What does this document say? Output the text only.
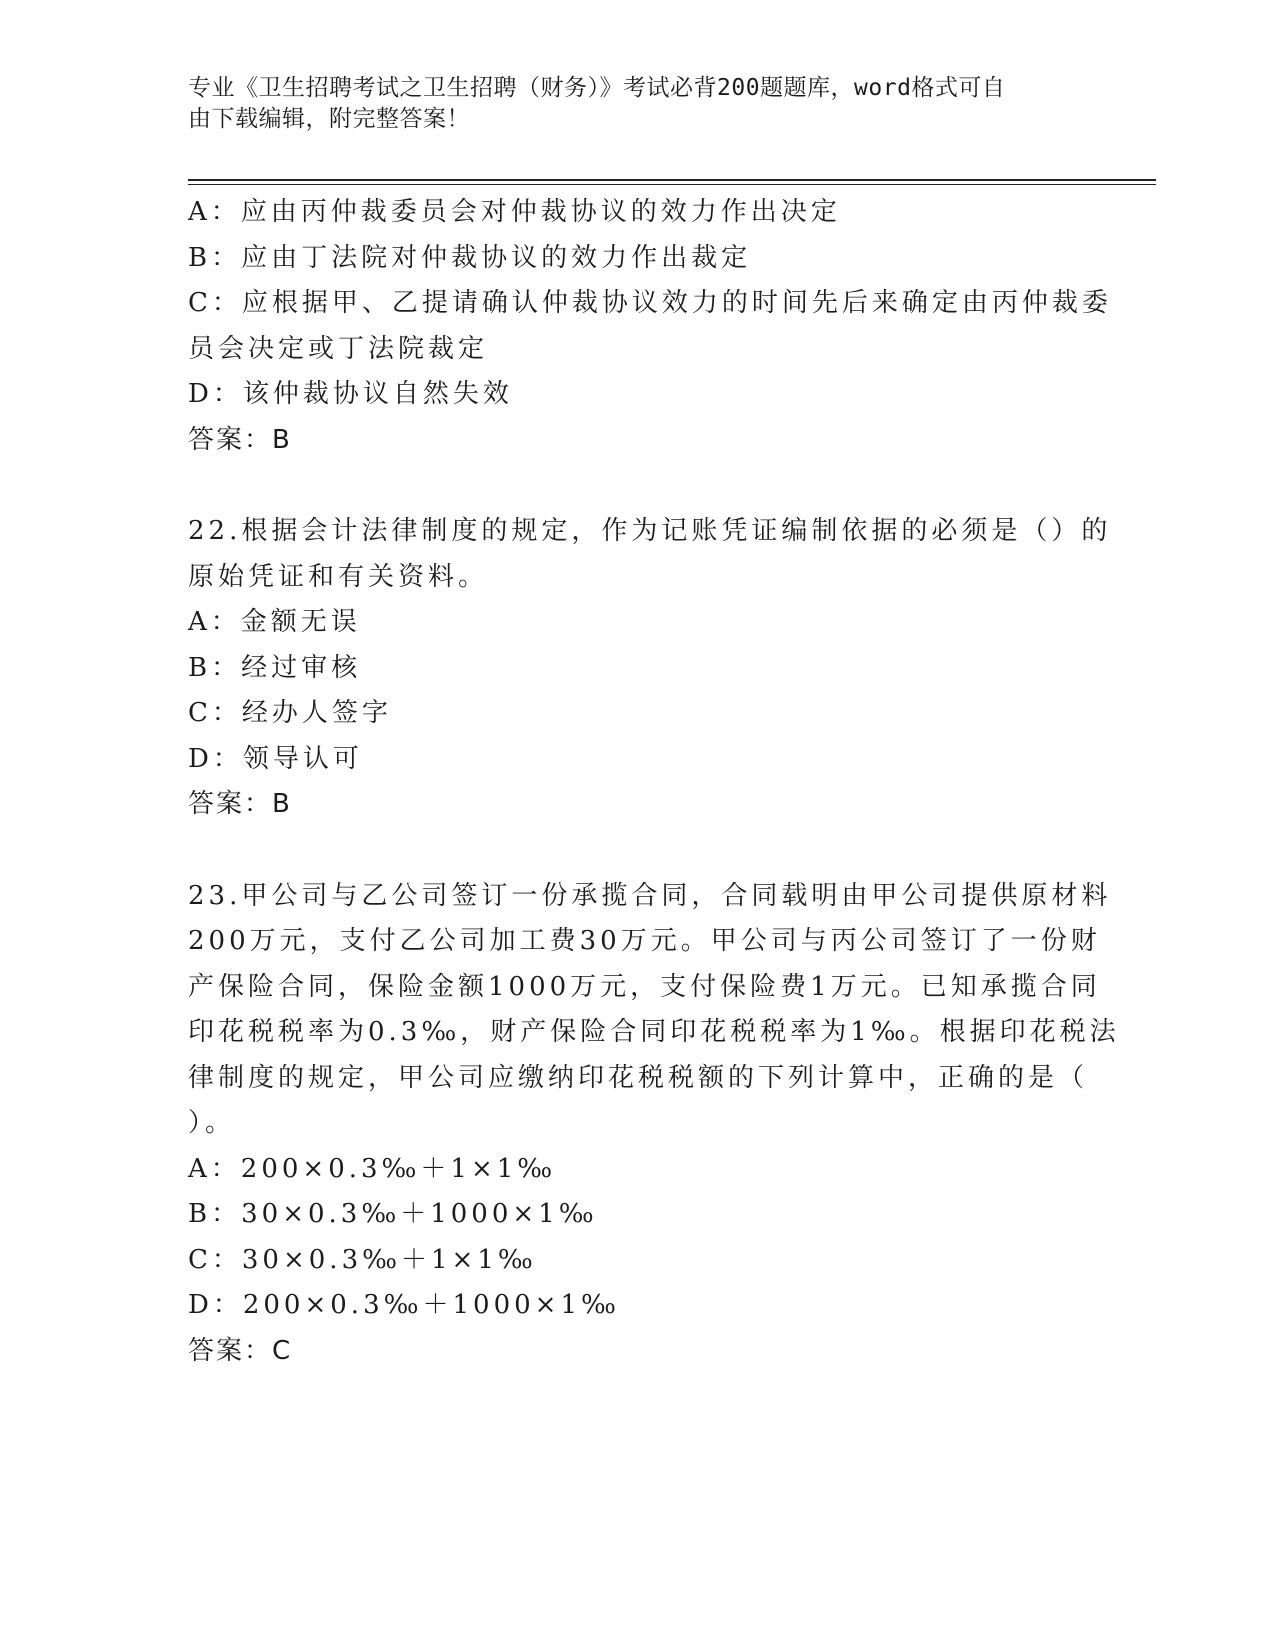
专业《卫生招聘考试之卫生招聘（财务）》考试必背200题题库，word格式可自
由下载编辑，附完整答案！
A：应由丙仲裁委员会对仲裁协议的效力作出决定
B：应由丁法院对仲裁协议的效力作出裁定
C：应根据甲、乙提请确认仲裁协议效力的时间先后来确定由丙仲裁委
员会决定或丁法院裁定
D：该仲裁协议自然失效
答案：B
22.根据会计法律制度的规定，作为记账凭证编制依据的必须是（）的
原始凭证和有关资料。
A：金额无误
B：经过审核
C：经办人签字
D：领导认可
答案：B
23.甲公司与乙公司签订一份承揽合同，合同载明由甲公司提供原材料
200万元，支付乙公司加工费30万元。甲公司与丙公司签订了一份财
产保险合同，保险金额1000万元，支付保险费1万元。已知承揽合同
印花税税率为0.3‰，财产保险合同印花税税率为1‰。根据印花税法
律制度的规定，甲公司应缴纳印花税税额的下列计算中，正确的是（
）。
A：200×0.3‰＋1×1‰
B：30×0.3‰＋1000×1‰
C：30×0.3‰＋1×1‰
D：200×0.3‰＋1000×1‰
答案：C
